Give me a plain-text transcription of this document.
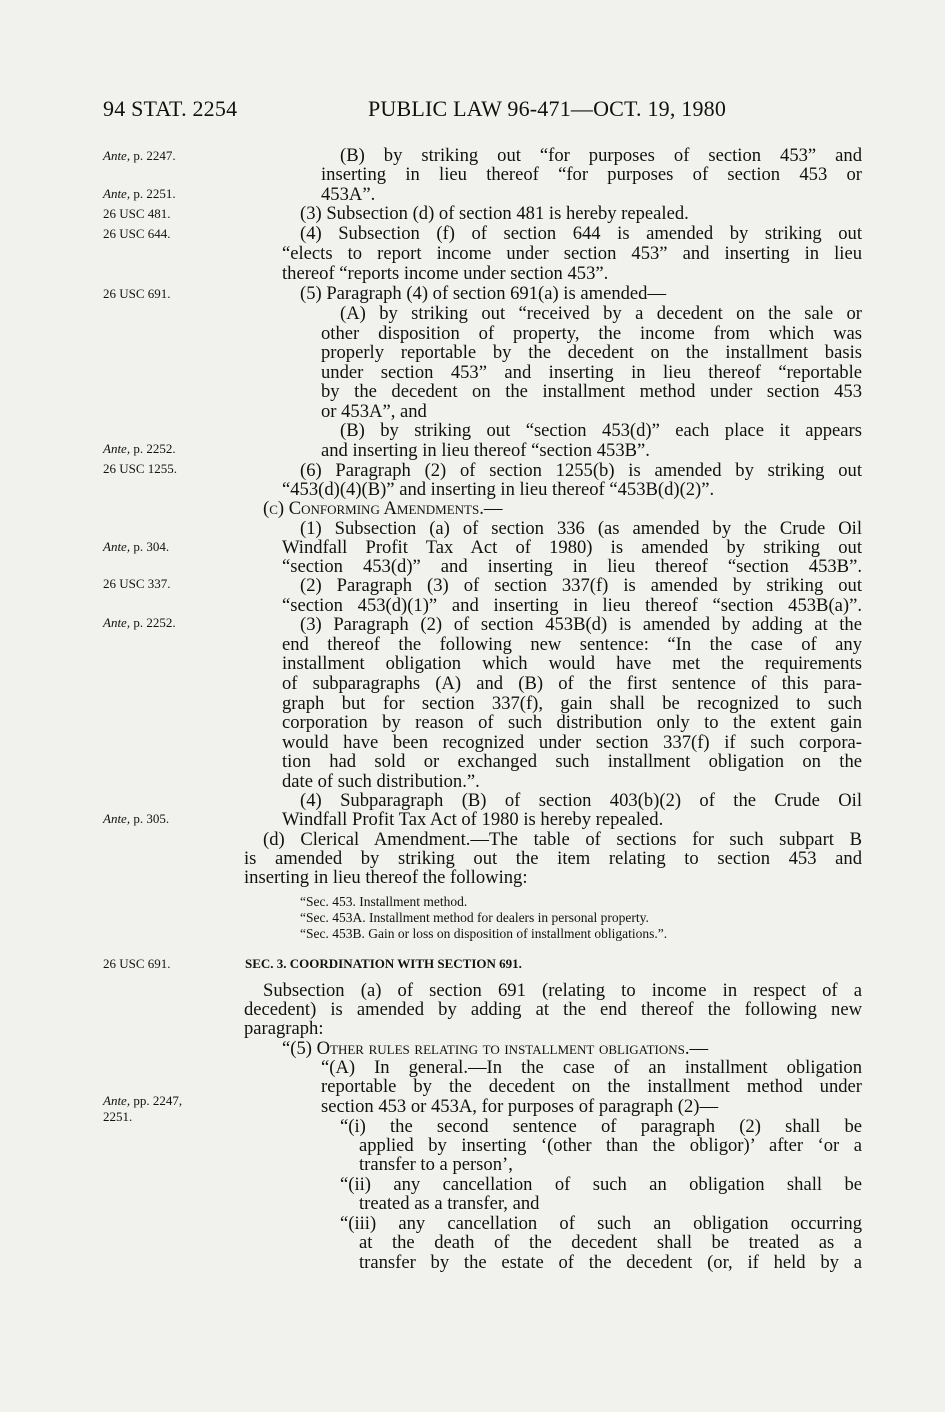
94 STAT. 2254	PUBLIC LAW 96-471—OCT. 19, 1980
Ante, p. 2247.
Ante, p. 2251.
26 USC 481.
26 USC 644.
26 USC 691.
Ante, p. 2252.
26 USC 1255.
Ante, p. 304.
26 USC 337.
Ante, p. 2252.
Ante, p. 305.
26 USC 691.
Ante, pp. 2247,
2251.
(B) by striking out “for purposes of section 453” and
inserting in lieu thereof “for purposes of section 453 or
453A”.
(3) Subsection (d) of section 481 is hereby repealed.
(4) Subsection (f) of section 644 is amended by striking out
“elects to report income under section 453” and inserting in lieu
thereof “reports income under section 453”.
(5) Paragraph (4) of section 691(a) is amended—
(A) by striking out “received by a decedent on the sale or
other disposition of property, the income from which was
properly reportable by the decedent on the installment basis
under section 453” and inserting in lieu thereof “reportable
by the decedent on the installment method under section 453
or 453A”, and
(B) by striking out “section 453(d)” each place it appears
and inserting in lieu thereof “section 453B”.
(6) Paragraph (2) of section 1255(b) is amended by striking out
“453(d)(4)(B)” and inserting in lieu thereof “453B(d)(2)”.
(c) Conforming Amendments.—
(1) Subsection (a) of section 336 (as amended by the Crude Oil
Windfall Profit Tax Act of 1980) is amended by striking out
“section 453(d)” and inserting in lieu thereof “section 453B”.
(2) Paragraph (3) of section 337(f) is amended by striking out
“section 453(d)(1)” and inserting in lieu thereof “section 453B(a)”.
(3) Paragraph (2) of section 453B(d) is amended by adding at the
end thereof the following new sentence: “In the case of any
installment obligation which would have met the requirements
of subparagraphs (A) and (B) of the first sentence of this para-
graph but for section 337(f), gain shall be recognized to such
corporation by reason of such distribution only to the extent gain
would have been recognized under section 337(f) if such corpora-
tion had sold or exchanged such installment obligation on the
date of such distribution.”.
(4) Subparagraph (B) of section 403(b)(2) of the Crude Oil
Windfall Profit Tax Act of 1980 is hereby repealed.
(d) Clerical Amendment.—The table of sections for such subpart B
is amended by striking out the item relating to section 453 and
inserting in lieu thereof the following:
“Sec. 453. Installment method.
“Sec. 453A. Installment method for dealers in personal property.
“Sec. 453B. Gain or loss on disposition of installment obligations.”.
SEC. 3. COORDINATION WITH SECTION 691.
Subsection (a) of section 691 (relating to income in respect of a
decedent) is amended by adding at the end thereof the following new
paragraph:
“(5) Other rules relating to installment obligations.—
“(A) In general.—In the case of an installment obligation
reportable by the decedent on the installment method under
section 453 or 453A, for purposes of paragraph (2)—
“(i) the second sentence of paragraph (2) shall be
applied by inserting ‘(other than the obligor)’ after ‘or a
transfer to a person’,
“(ii) any cancellation of such an obligation shall be
treated as a transfer, and
“(iii) any cancellation of such an obligation occurring
at the death of the decedent shall be treated as a
transfer by the estate of the decedent (or, if held by a
